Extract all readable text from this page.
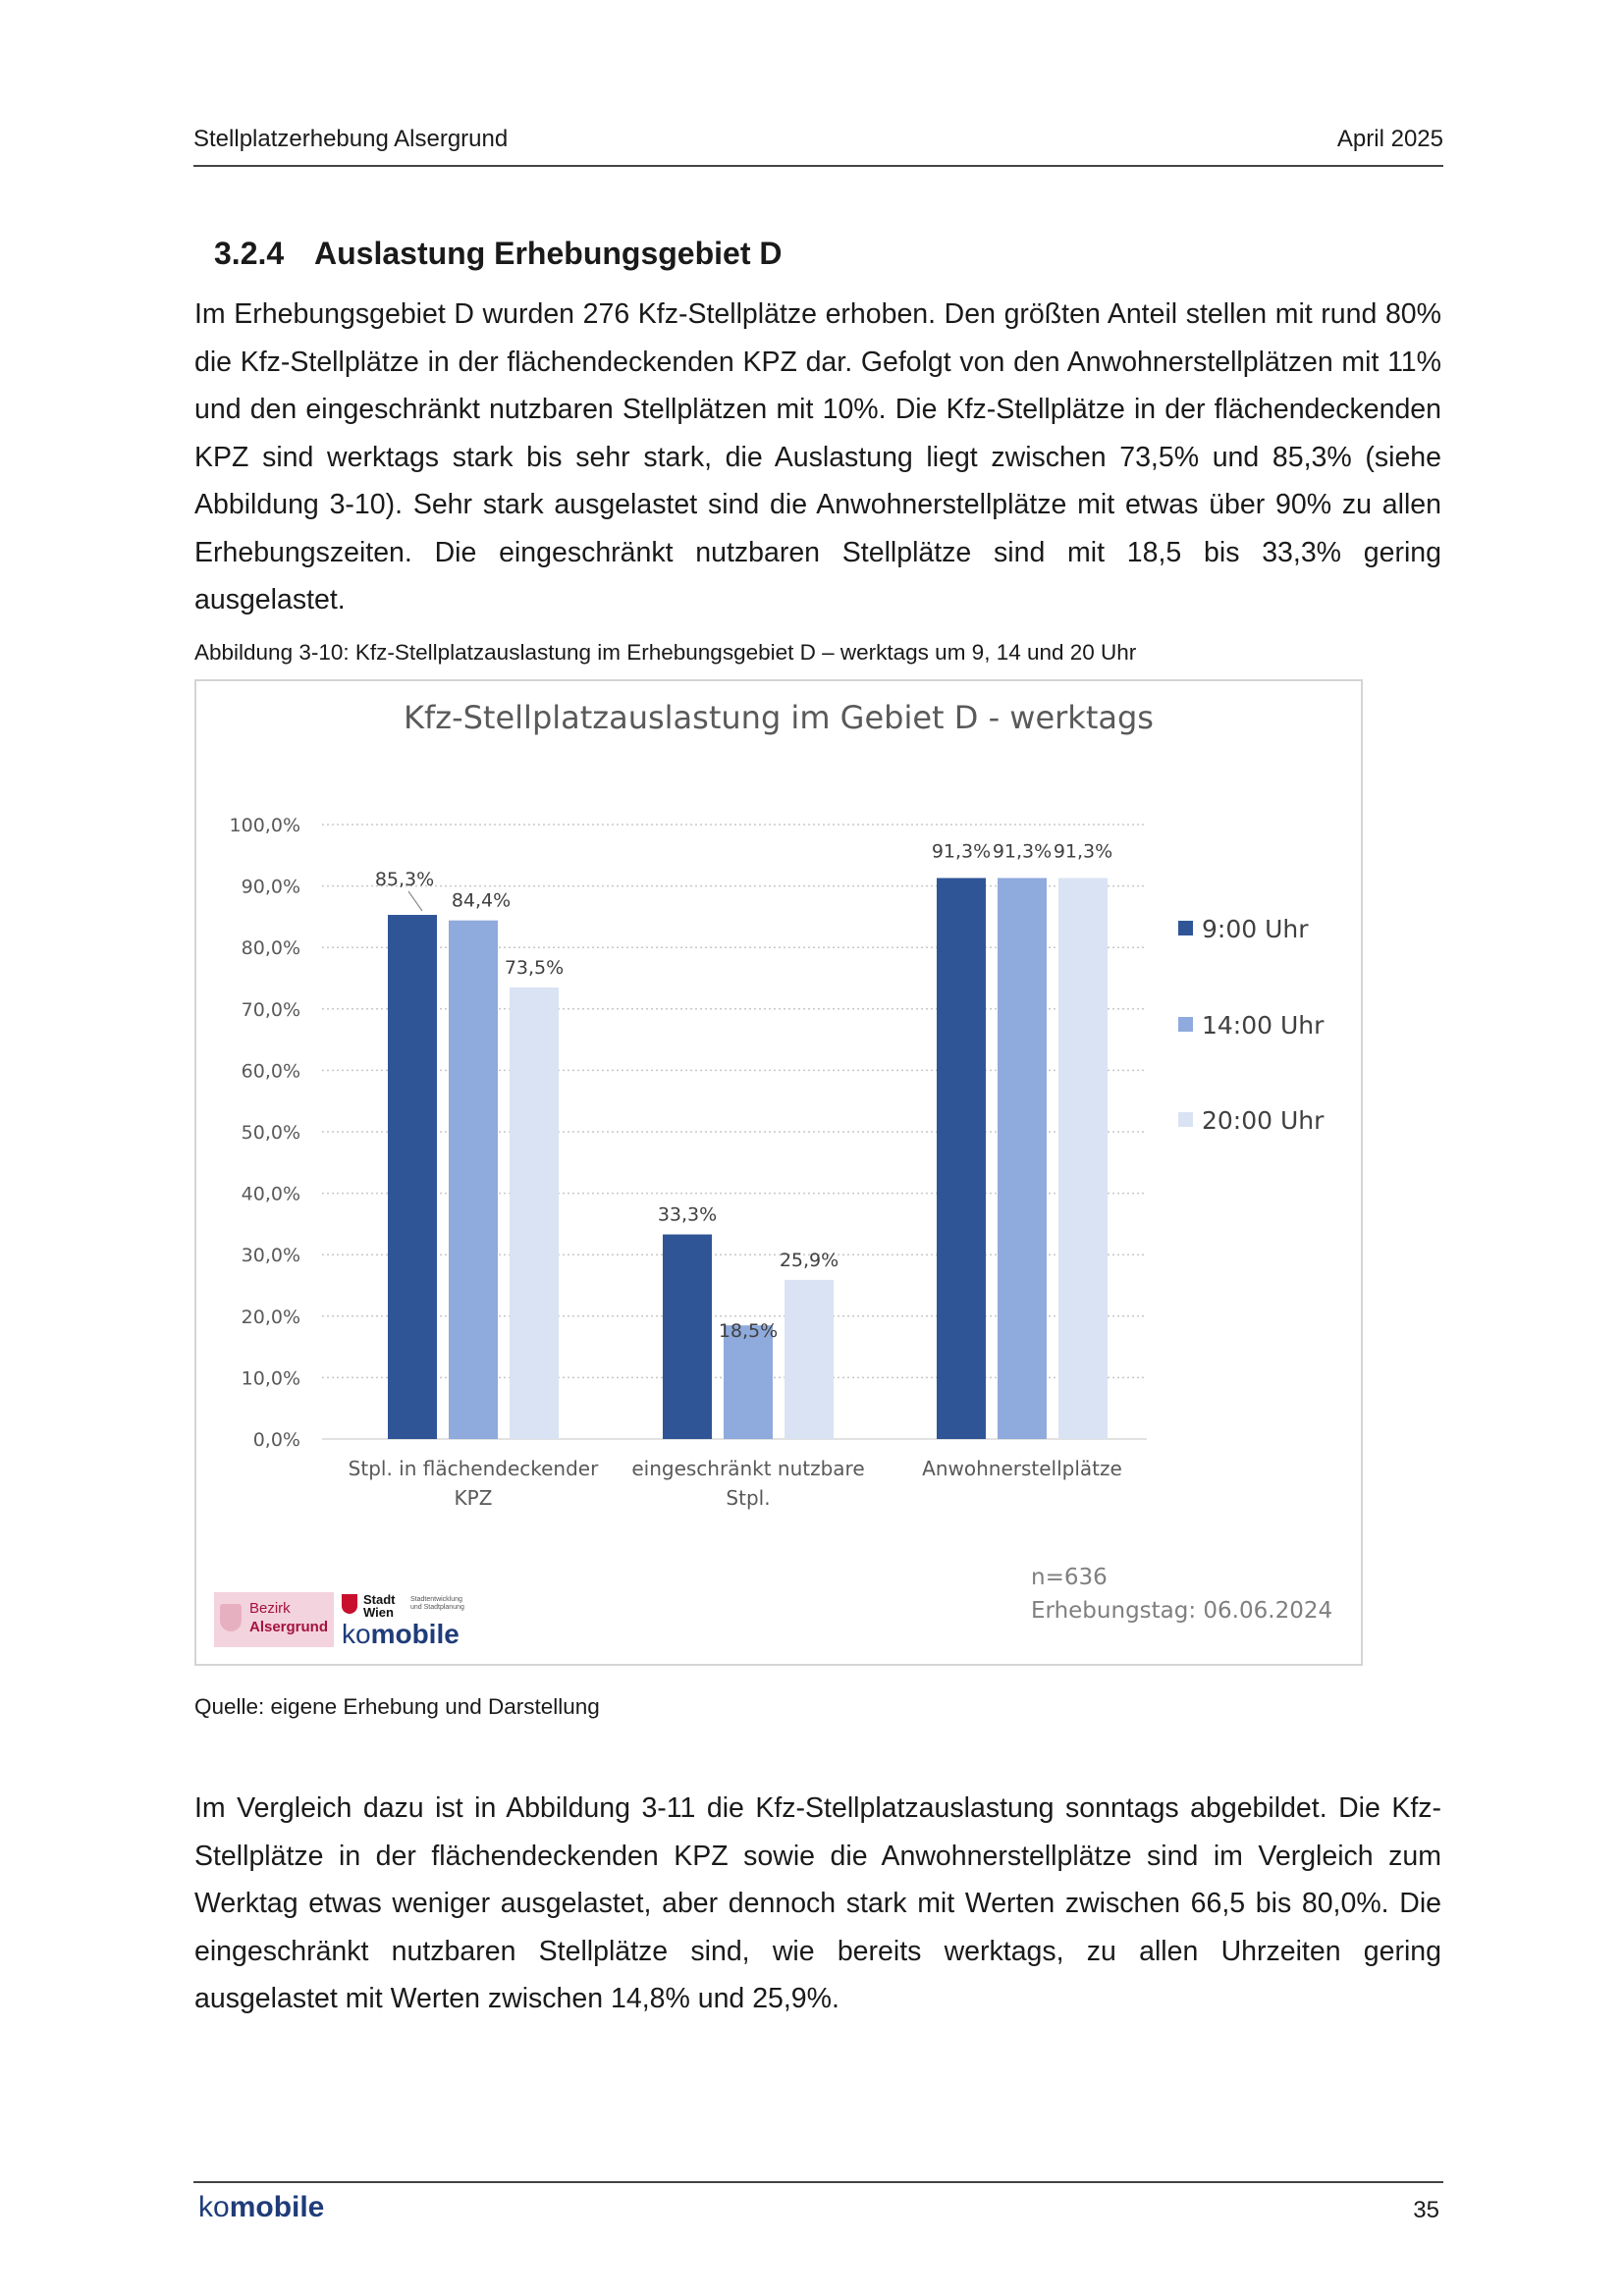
Stellplatzerhebung Alsergrund	April 2025
3.2.4 Auslastung Erhebungsgebiet D

Im Erhebungsgebiet D wurden 276 Kfz-Stellplätze erhoben. Den größten Anteil stellen mit rund 80% die Kfz-Stellplätze in der flächendeckenden KPZ dar. Gefolgt von den Anwohnerstellplätzen mit 11% und den eingeschränkt nutzbaren Stellplätzen mit 10%. Die Kfz-Stellplätze in der flächendeckenden KPZ sind werktags stark bis sehr stark, die Auslastung liegt zwischen 73,5% und 85,3% (siehe Abbildung 3-10). Sehr stark ausgelastet sind die Anwohnerstellplätze mit etwas über 90% zu allen Erhebungszeiten. Die eingeschränkt nutzbaren Stellplätze sind mit 18,5 bis 33,3% gering ausgelastet.

Abbildung 3-10: Kfz-Stellplatzauslastung im Erhebungsgebiet D – werktags um 9, 14 und 20 Uhr
Kfz-Stellplatzauslastung im Gebiet D - werktags
0,0%
10,0%
20,0%
30,0%
40,0%
50,0%
60,0%
70,0%
80,0%
90,0%
100,0%
85,3%
33,3%
91,3%
84,4%
18,5%
91,3%
73,5%
25,9%
91,3%
Stpl. in flächendeckender
KPZ
eingeschränkt nutzbare
Stpl.
Anwohnerstellplätze
9:00 Uhr
14:00 Uhr
20:00 Uhr
n=636
Erhebungstag: 06.06.2024
Bezirk
Alsergrund
Stadt
Wien
Stadtentwicklung
und Stadtplanung
komobile
Quelle: eigene Erhebung und Darstellung

Im Vergleich dazu ist in Abbildung 3-11 die Kfz-Stellplatzauslastung sonntags abgebildet. Die Kfz-Stellplätze in der flächendeckenden KPZ sowie die Anwohnerstellplätze sind im Vergleich zum Werktag etwas weniger ausgelastet, aber dennoch stark mit Werten zwischen 66,5 bis 80,0%. Die eingeschränkt nutzbaren Stellplätze sind, wie bereits werktags, zu allen Uhrzeiten gering ausgelastet mit Werten zwischen 14,8% und 25,9%.

komobile	35
